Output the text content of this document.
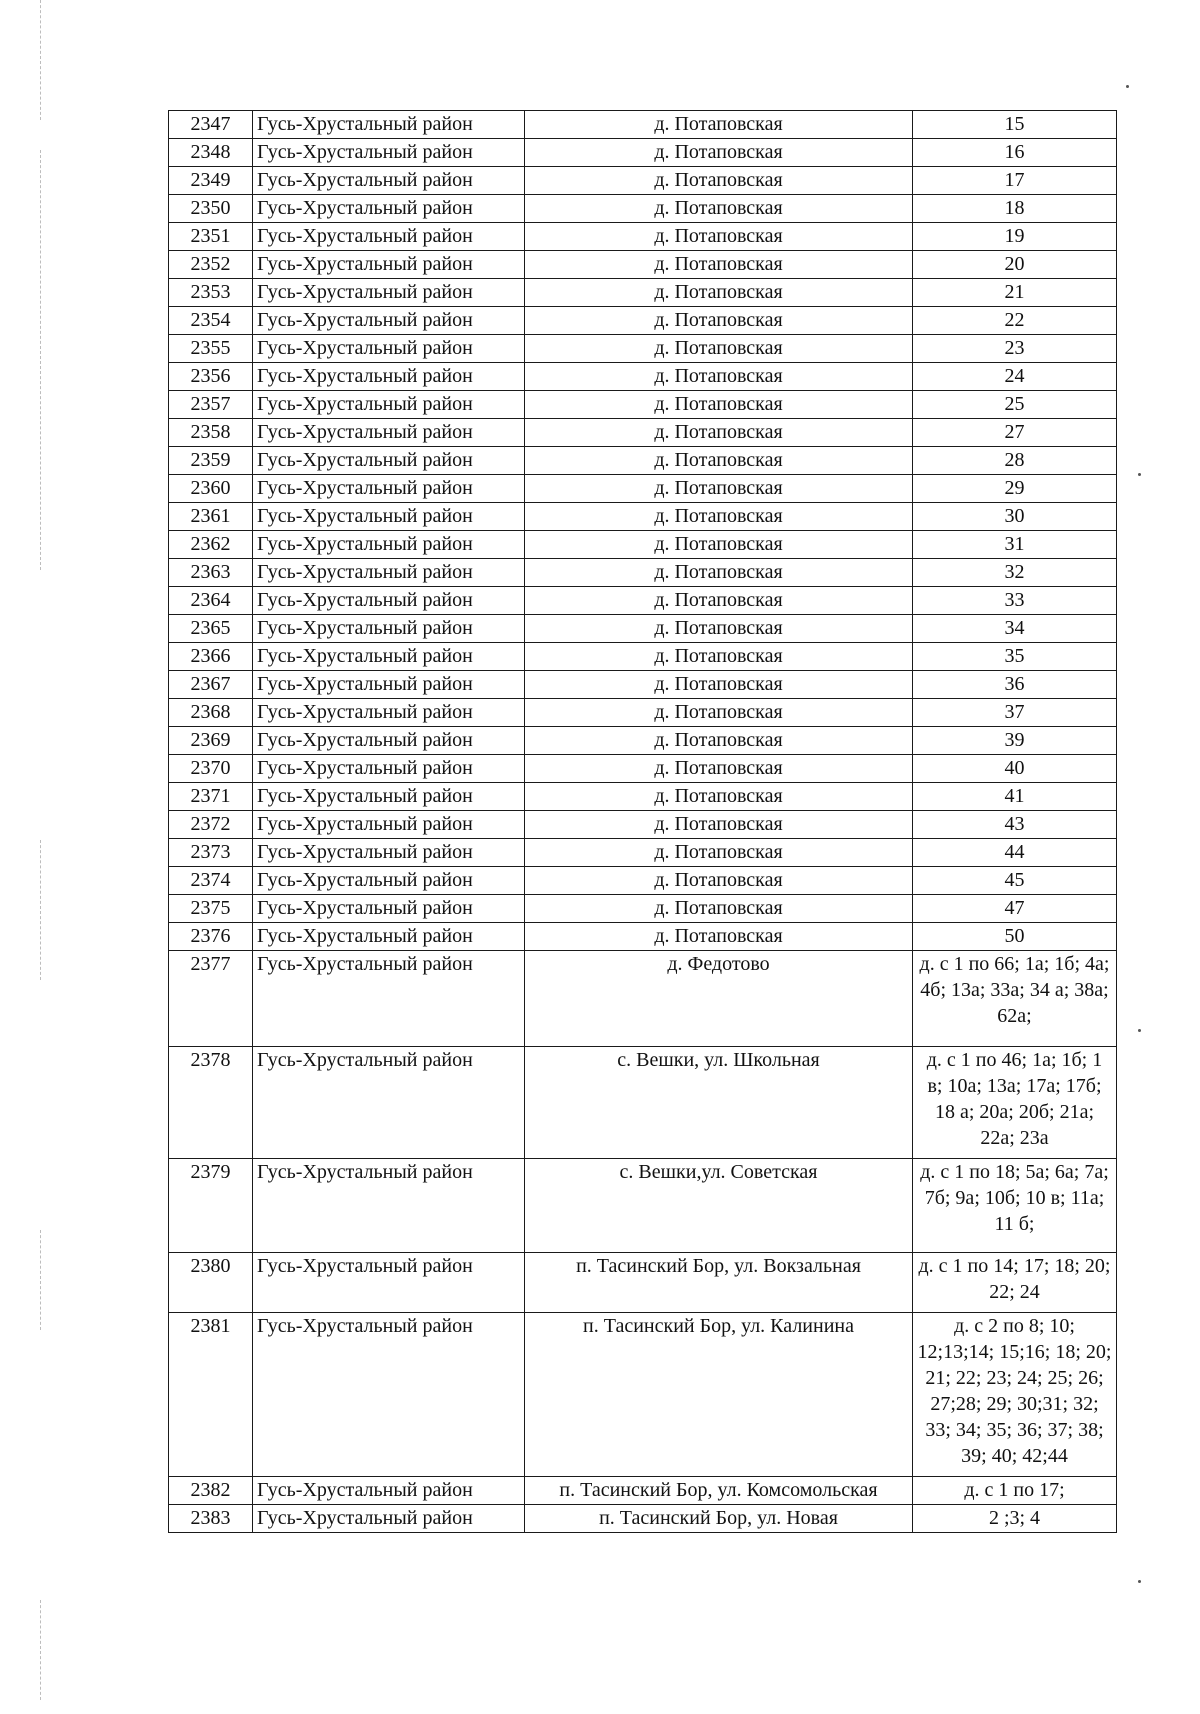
2347	Гусь-Хрустальный район	д. Потаповская	15
2348	Гусь-Хрустальный район	д. Потаповская	16
2349	Гусь-Хрустальный район	д. Потаповская	17
2350	Гусь-Хрустальный район	д. Потаповская	18
2351	Гусь-Хрустальный район	д. Потаповская	19
2352	Гусь-Хрустальный район	д. Потаповская	20
2353	Гусь-Хрустальный район	д. Потаповская	21
2354	Гусь-Хрустальный район	д. Потаповская	22
2355	Гусь-Хрустальный район	д. Потаповская	23
2356	Гусь-Хрустальный район	д. Потаповская	24
2357	Гусь-Хрустальный район	д. Потаповская	25
2358	Гусь-Хрустальный район	д. Потаповская	27
2359	Гусь-Хрустальный район	д. Потаповская	28
2360	Гусь-Хрустальный район	д. Потаповская	29
2361	Гусь-Хрустальный район	д. Потаповская	30
2362	Гусь-Хрустальный район	д. Потаповская	31
2363	Гусь-Хрустальный район	д. Потаповская	32
2364	Гусь-Хрустальный район	д. Потаповская	33
2365	Гусь-Хрустальный район	д. Потаповская	34
2366	Гусь-Хрустальный район	д. Потаповская	35
2367	Гусь-Хрустальный район	д. Потаповская	36
2368	Гусь-Хрустальный район	д. Потаповская	37
2369	Гусь-Хрустальный район	д. Потаповская	39
2370	Гусь-Хрустальный район	д. Потаповская	40
2371	Гусь-Хрустальный район	д. Потаповская	41
2372	Гусь-Хрустальный район	д. Потаповская	43
2373	Гусь-Хрустальный район	д. Потаповская	44
2374	Гусь-Хрустальный район	д. Потаповская	45
2375	Гусь-Хрустальный район	д. Потаповская	47
2376	Гусь-Хрустальный район	д. Потаповская	50
2377	Гусь-Хрустальный район	д. Федотово	д. с 1 по 66; 1а; 1б; 4а; 4б; 13а; 33а; 34 а; 38а; 62а;
2378	Гусь-Хрустальный район	с. Вешки, ул. Школьная	д. с 1 по 46; 1а; 1б; 1 в; 10а; 13а; 17а; 17б; 18 а; 20а; 20б; 21а; 22а; 23а
2379	Гусь-Хрустальный район	с. Вешки,ул. Советская	д. с 1 по 18; 5а; 6а; 7а; 7б; 9а; 10б; 10 в; 11а; 11 б;
2380	Гусь-Хрустальный район	п. Тасинский Бор, ул. Вокзальная	д. с 1 по 14; 17; 18; 20; 22; 24
2381	Гусь-Хрустальный район	п. Тасинский Бор, ул. Калинина	д. с 2 по 8; 10; 12;13;14; 15;16; 18; 20; 21; 22; 23; 24; 25; 26; 27;28; 29; 30;31; 32; 33; 34; 35; 36; 37; 38; 39; 40; 42;44
2382	Гусь-Хрустальный район	п. Тасинский Бор, ул. Комсомольская	д. с 1 по 17;
2383	Гусь-Хрустальный район	п. Тасинский Бор, ул. Новая	2 ;3; 4
